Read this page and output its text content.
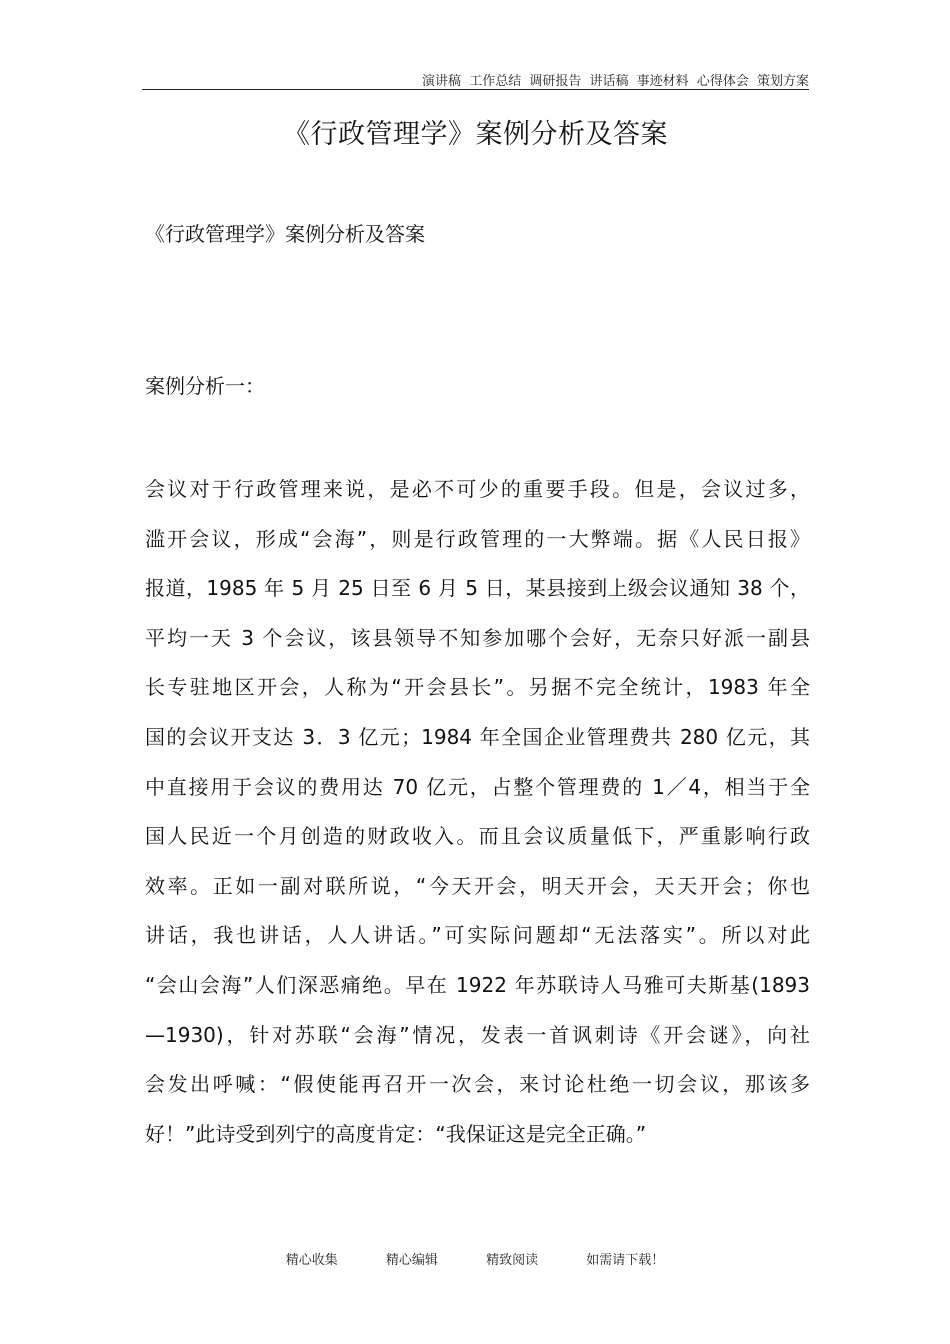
演讲稿 工作总结 调研报告 讲话稿 事迹材料 心得体会 策划方案
《行政管理学》案例分析及答案
《行政管理学》案例分析及答案
案例分析一：
会议对于行政管理来说，是必不可少的重要手段。但是，会议过多，
滥开会议，形成“会海”，则是行政管理的一大弊端。据《人民日报》
报道，1985 年 5 月 25 日至 6 月 5 日，某县接到上级会议通知 38 个，
平均一天 3 个会议，该县领导不知参加哪个会好，无奈只好派一副县
长专驻地区开会，人称为“开会县长”。另据不完全统计，1983 年全
国的会议开支达 3．3 亿元；1984 年全国企业管理费共 280 亿元，其
中直接用于会议的费用达 70 亿元，占整个管理费的 1／4，相当于全
国人民近一个月创造的财政收入。而且会议质量低下，严重影响行政
效率。正如一副对联所说，“今天开会，明天开会，天天开会；你也
讲话，我也讲话，人人讲话。”可实际问题却“无法落实”。所以对此
“会山会海”人们深恶痛绝。早在 1922 年苏联诗人马雅可夫斯基(1893
—1930)，针对苏联“会海”情况，发表一首讽刺诗《开会谜》，向社
会发出呼喊：“假使能再召开一次会，来讨论杜绝一切会议，那该多
好！”此诗受到列宁的高度肯定：“我保证这是完全正确。”
精心收集	精心编辑	精致阅读	如需请下载！
